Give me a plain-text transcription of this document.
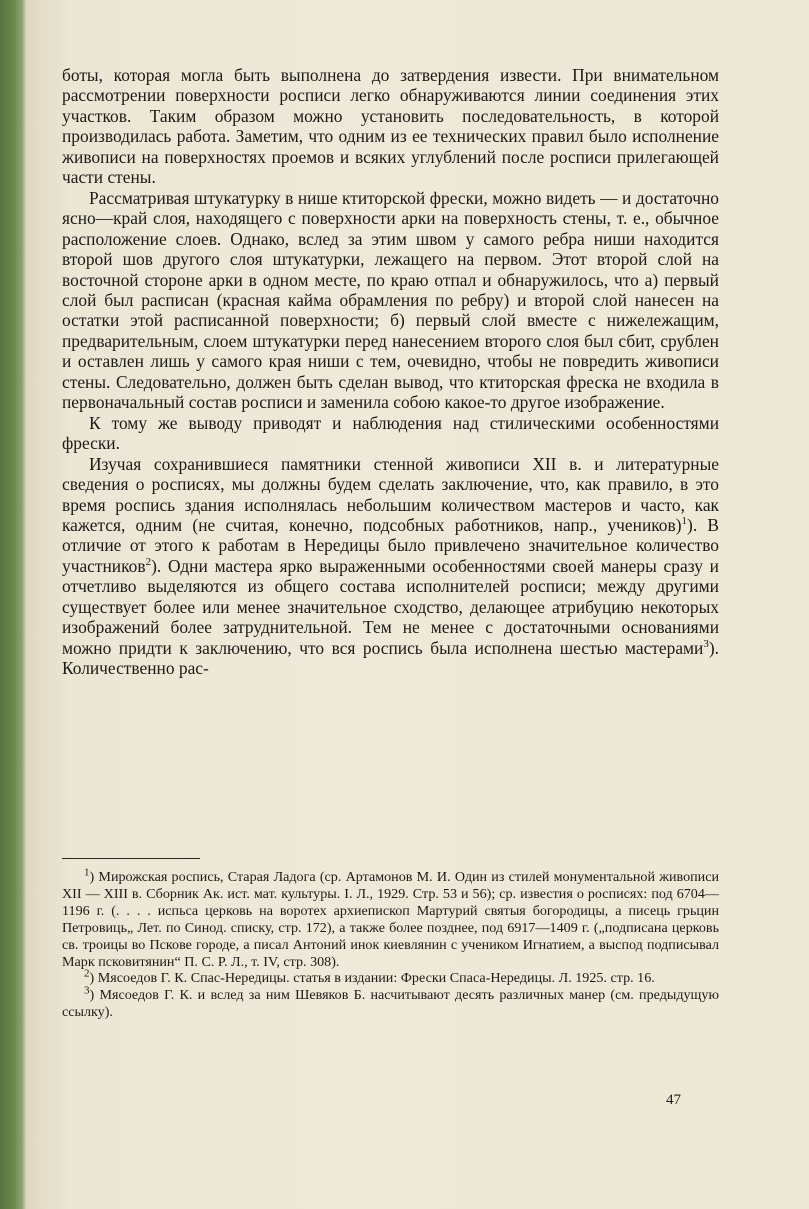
боты, которая могла быть выполнена до затвердения извести. При внимательном рассмотрении поверхности росписи легко обнаруживаются линии соединения этих участков. Таким образом можно установить последовательность, в которой производилась работа. Заметим, что одним из ее технических правил было исполнение живописи на поверхностях проемов и всяких углублений после росписи прилегающей части стены.

Рассматривая штукатурку в нише ктиторской фрески, можно видеть — и достаточно ясно—край слоя, находящего с поверхности арки на поверхность стены, т. е., обычное расположение слоев. Однако, вслед за этим швом у самого ребра ниши находится второй шов другого слоя штукатурки, лежащего на первом. Этот второй слой на восточной стороне арки в одном месте, по краю отпал и обнаружилось, что а) первый слой был расписан (красная кайма обрамления по ребру) и второй слой нанесен на остатки этой расписанной поверхности; б) первый слой вместе с нижележащим, предварительным, слоем штукатурки перед нанесением второго слоя был сбит, срублен и оставлен лишь у самого края ниши с тем, очевидно, чтобы не повредить живописи стены. Следовательно, должен быть сделан вывод, что ктиторская фреска не входила в первоначальный состав росписи и заменила собою какое-то другое изображение.

К тому же выводу приводят и наблюдения над стилическими особенностями фрески.

Изучая сохранившиеся памятники стенной живописи XII в. и литературные сведения о росписях, мы должны будем сделать заключение, что, как правило, в это время роспись здания исполнялась небольшим количеством мастеров и часто, как кажется, одним (не считая, конечно, подсобных работников, напр., учеников)$^1$). В отличие от этого к работам в Нередицы было привлечено значительное количество участников$^2$). Одни мастера ярко выраженными особенностями своей манеры сразу и отчетливо выделяются из общего состава исполнителей росписи; между другими существует более или менее значительное сходство, делающее атрибуцию некоторых изображений более затруднительной. Тем не менее с достаточными основаниями можно придти к заключению, что вся роспись была исполнена шестью мастерами$^3$). Количественно рас-

$^1$) Мирожская роспись, Старая Ладога (ср. Артамонов М. И. Один из стилей монументальной живописи XII — XIII в. Сборник Ак. ист. мат. культуры. I. Л., 1929. Стр. 53 и 56); ср. известия о росписях: под 6704—1196 г. (. . . . испьса церковь на воротех архиепископ Мартурий святыя богородицы, а писець грьцин Петровиць„ Лет. по Синод. списку, стр. 172), а также более позднее, под 6917—1409 г. („подписана церковь св. троицы во Пскове городе, а писал Антоний инок киевлянин с учеником Игнатием, а выспод подписывал Марк псковитянин“ П. С. Р. Л., т. IV, стр. 308).

$^2$) Мясоедов Г. К. Спас-Нередицы. статья в издании: Фрески Спаса-Нередицы. Л. 1925. стр. 16.

$^3$) Мясоедов Г. К. и вслед за ним Шевяков Б. насчитывают десять различных манер (см. предыдущую ссылку).

47
